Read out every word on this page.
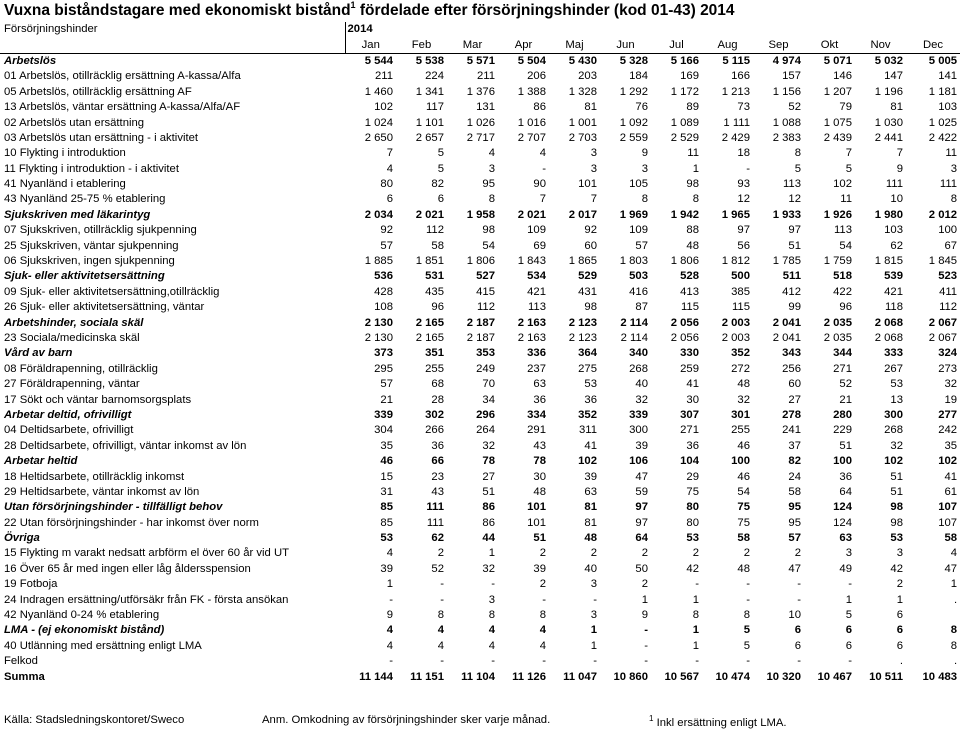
Vuxna biståndstagare med ekonomiskt bistånd$^1$ fördelade efter försörjningshinder (kod 01-43) 2014
Försörjningshinder	2014											
	Jan	Feb	Mar	Apr	Maj	Jun	Jul	Aug	Sep	Okt	Nov	Dec
Arbetslös	5 544	5 538	5 571	5 504	5 430	5 328	5 166	5 115	4 974	5 071	5 032	5 005
01 Arbetslös, otillräcklig ersättning A-kassa/Alfa	211	224	211	206	203	184	169	166	157	146	147	141
05 Arbetslös, otillräcklig ersättning AF	1 460	1 341	1 376	1 388	1 328	1 292	1 172	1 213	1 156	1 207	1 196	1 181
13 Arbetslös, väntar ersättning A-kassa/Alfa/AF	102	117	131	86	81	76	89	73	52	79	81	103
02 Arbetslös utan ersättning	1 024	1 101	1 026	1 016	1 001	1 092	1 089	1 111	1 088	1 075	1 030	1 025
03 Arbetslös utan ersättning - i aktivitet	2 650	2 657	2 717	2 707	2 703	2 559	2 529	2 429	2 383	2 439	2 441	2 422
10 Flykting i introduktion	7	5	4	4	3	9	11	18	8	7	7	11
11 Flykting i introduktion - i aktivitet	4	5	3	-	3	3	1	-	5	5	9	3
41 Nyanländ i etablering	80	82	95	90	101	105	98	93	113	102	111	111
43 Nyanländ 25-75 % etablering	6	6	8	7	7	8	8	12	12	11	10	8
Sjukskriven med läkarintyg	2 034	2 021	1 958	2 021	2 017	1 969	1 942	1 965	1 933	1 926	1 980	2 012
07 Sjukskriven, otillräcklig sjukpenning	92	112	98	109	92	109	88	97	97	113	103	100
25 Sjukskriven, väntar sjukpenning	57	58	54	69	60	57	48	56	51	54	62	67
06 Sjukskriven, ingen sjukpenning	1 885	1 851	1 806	1 843	1 865	1 803	1 806	1 812	1 785	1 759	1 815	1 845
Sjuk- eller aktivitetsersättning	536	531	527	534	529	503	528	500	511	518	539	523
09 Sjuk- eller aktivitetsersättning,otillräcklig	428	435	415	421	431	416	413	385	412	422	421	411
26 Sjuk- eller aktivitetsersättning, väntar	108	96	112	113	98	87	115	115	99	96	118	112
Arbetshinder, sociala skäl	2 130	2 165	2 187	2 163	2 123	2 114	2 056	2 003	2 041	2 035	2 068	2 067
23 Sociala/medicinska skäl	2 130	2 165	2 187	2 163	2 123	2 114	2 056	2 003	2 041	2 035	2 068	2 067
Vård av barn	373	351	353	336	364	340	330	352	343	344	333	324
08 Föräldrapenning, otillräcklig	295	255	249	237	275	268	259	272	256	271	267	273
27 Föräldrapenning, väntar	57	68	70	63	53	40	41	48	60	52	53	32
17 Sökt och väntar barnomsorgsplats	21	28	34	36	36	32	30	32	27	21	13	19
Arbetar deltid, ofrivilligt	339	302	296	334	352	339	307	301	278	280	300	277
04 Deltidsarbete, ofrivilligt	304	266	264	291	311	300	271	255	241	229	268	242
28 Deltidsarbete, ofrivilligt, väntar inkomst av lön	35	36	32	43	41	39	36	46	37	51	32	35
Arbetar heltid	46	66	78	78	102	106	104	100	82	100	102	102
18 Heltidsarbete, otillräcklig inkomst	15	23	27	30	39	47	29	46	24	36	51	41
29 Heltidsarbete, väntar inkomst av lön	31	43	51	48	63	59	75	54	58	64	51	61
Utan försörjningshinder - tillfälligt behov	85	111	86	101	81	97	80	75	95	124	98	107
22 Utan försörjningshinder - har inkomst över norm	85	111	86	101	81	97	80	75	95	124	98	107
Övriga	53	62	44	51	48	64	53	58	57	63	53	58
15 Flykting m varakt nedsatt arbförm el över 60 år vid UT	4	2	1	2	2	2	2	2	2	3	3	4
16 Över 65 år med ingen eller låg åldersspension	39	52	32	39	40	50	42	48	47	49	42	47
19 Fotboja	1	-	-	2	3	2	-	-	-	-	2	1
24 Indragen ersättning/utförsäkr från FK - första ansökan	-	-	3	-	-	1	1	-	-	1	1	.
42 Nyanländ 0-24 % etablering	9	8	8	8	3	9	8	8	10	5	6	
LMA - (ej ekonomiskt bistånd)	4	4	4	4	1	-	1	5	6	6	6	8
40 Utlänning med ersättning enligt LMA	4	4	4	4	1	-	1	5	6	6	6	8
Felkod	-	-	-	-	-	-	-	-	-	-	.	.
Summa	11 144	11 151	11 104	11 126	11 047	10 860	10 567	10 474	10 320	10 467	10 511	10 483
Källa: Stadsledningskontoret/Sweco	Anm. Omkodning av försörjningshinder sker varje månad.	$^1$ Inkl ersättning enligt LMA.
